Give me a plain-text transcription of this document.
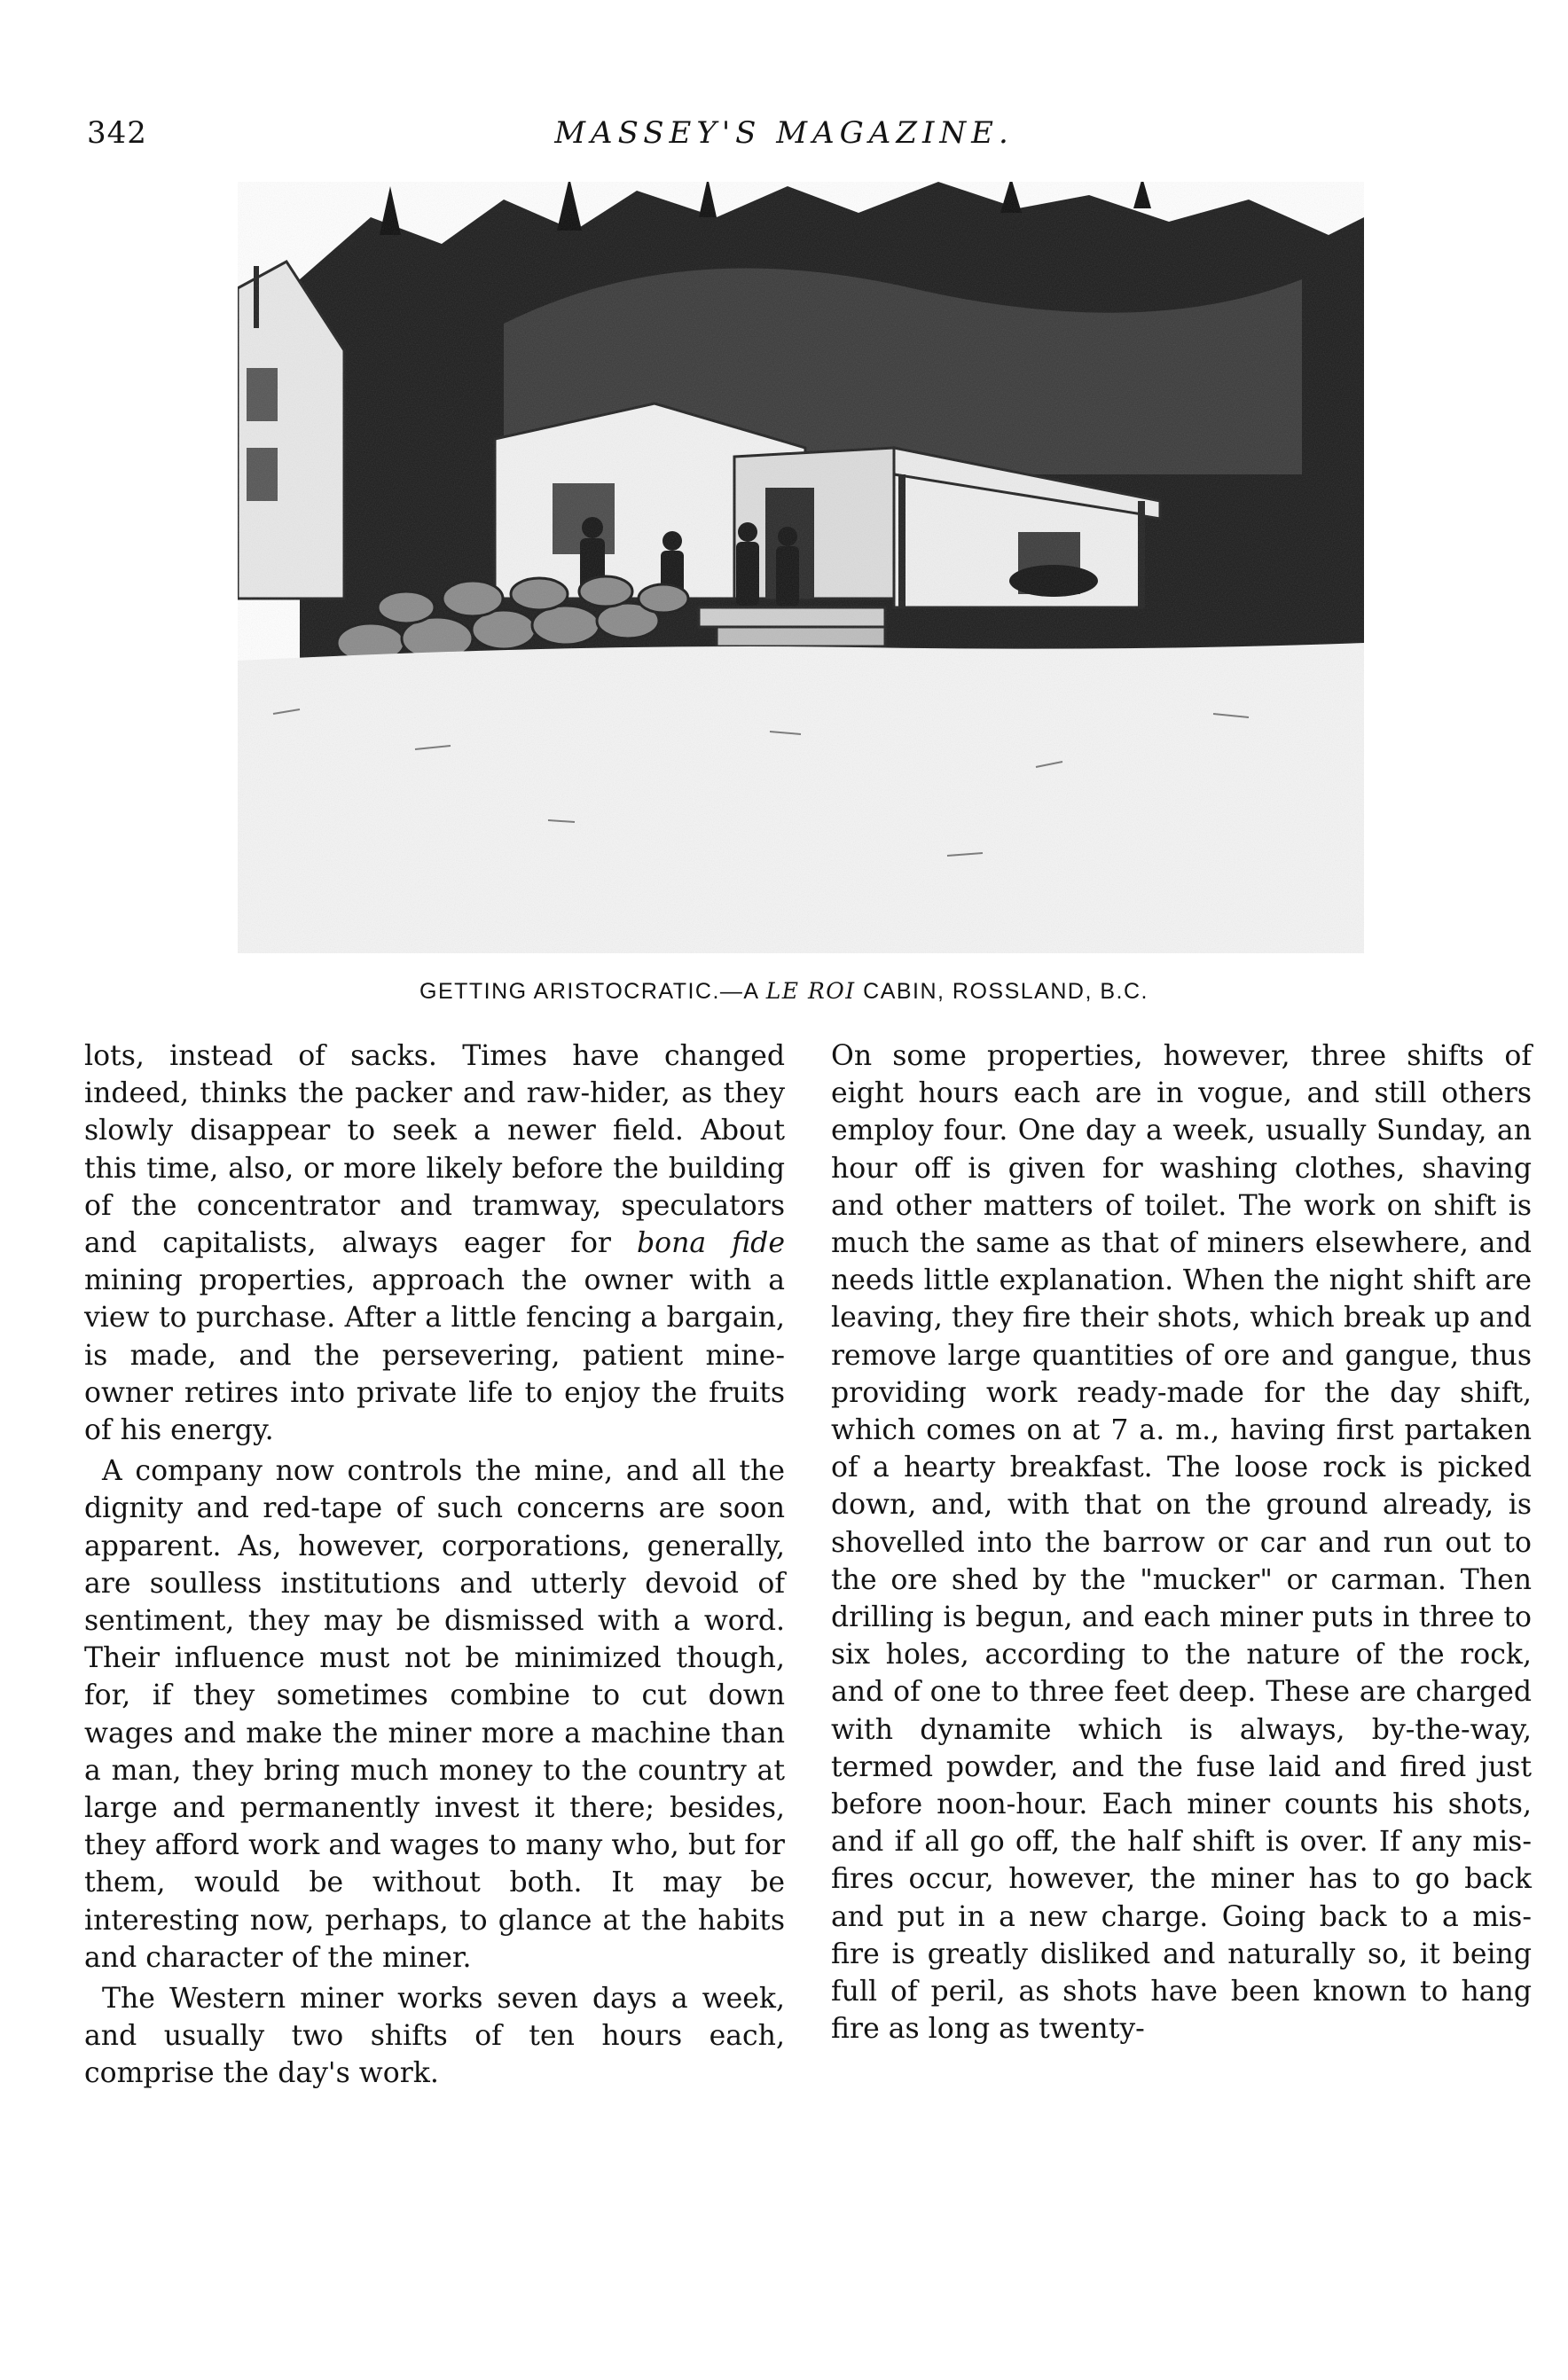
342	MASSEY'S MAGAZINE.
GETTING ARISTOCRATIC.—A LE ROI CABIN, ROSSLAND, B.C.

lots, instead of sacks. Times have changed indeed, thinks the packer and raw-hider, as they slowly disappear to seek a newer field. About this time, also, or more likely before the building of the concentrator and tramway, speculators and capitalists, always eager for bona fide mining properties, approach the owner with a view to purchase. After a little fencing a bargain, is made, and the persevering, patient mine-owner retires into private life to enjoy the fruits of his energy.

A company now controls the mine, and all the dignity and red-tape of such concerns are soon apparent. As, however, corporations, generally, are soulless institutions and utterly devoid of sentiment, they may be dismissed with a word. Their influence must not be minimized though, for, if they sometimes combine to cut down wages and make the miner more a machine than a man, they bring much money to the country at large and permanently invest it there; besides, they afford work and wages to many who, but for them, would be without both. It may be interesting now, perhaps, to glance at the habits and character of the miner.

The Western miner works seven days a week, and usually two shifts of ten hours each, comprise the day's work.

On some properties, however, three shifts of eight hours each are in vogue, and still others employ four. One day a week, usually Sunday, an hour off is given for washing clothes, shaving and other matters of toilet. The work on shift is much the same as that of miners elsewhere, and needs little explanation. When the night shift are leaving, they fire their shots, which break up and remove large quantities of ore and gangue, thus providing work ready-made for the day shift, which comes on at 7 a. m., having first partaken of a hearty breakfast. The loose rock is picked down, and, with that on the ground already, is shovelled into the barrow or car and run out to the ore shed by the "mucker" or carman. Then drilling is begun, and each miner puts in three to six holes, according to the nature of the rock, and of one to three feet deep. These are charged with dynamite which is always, by-the-way, termed powder, and the fuse laid and fired just before noon-hour. Each miner counts his shots, and if all go off, the half shift is over. If any mis-fires occur, however, the miner has to go back and put in a new charge. Going back to a mis-fire is greatly disliked and naturally so, it being full of peril, as shots have been known to hang fire as long as twenty-
